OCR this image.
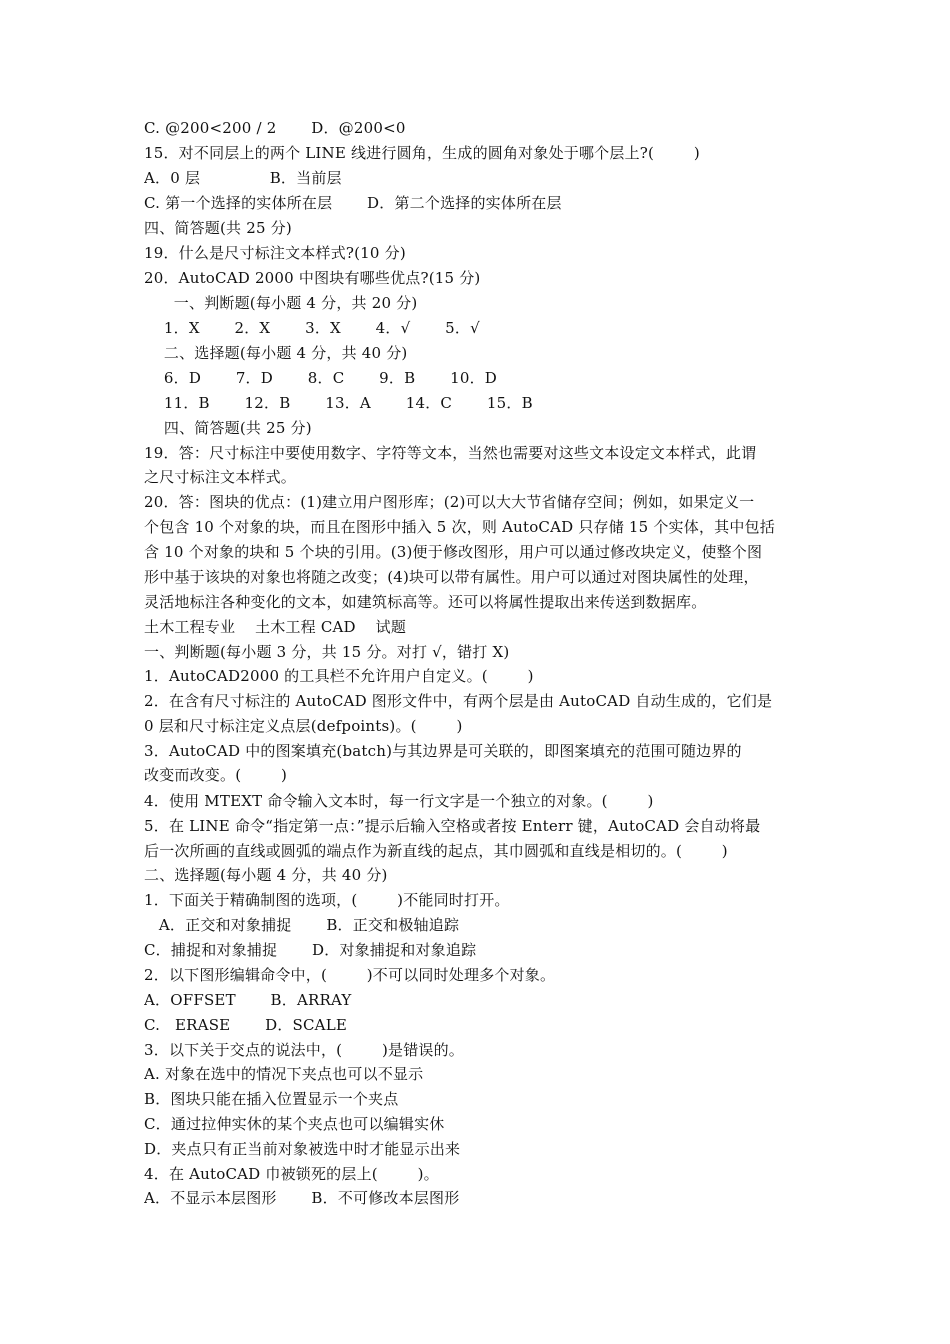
C. @200<200 / 2       D．@200<0
15．对不同层上的两个 LINE 线进行圆角，生成的圆角对象处于哪个层上?(        )
A．0 层              B．当前层
C. 第一个选择的实体所在层       D．第二个选择的实体所在层
四、简答题(共 25 分)
19．什么是尺寸标注文本样式?(10 分)
20．AutoCAD 2000 中图块有哪些优点?(15 分)
一、判断题(每小题 4 分，共 20 分)
1．X       2．X       3．X       4．√       5．√
二、选择题(每小题 4 分，共 40 分)
6．D       7．D       8．C       9．B       10．D
11．B       12．B       13．A       14．C       15．B
四、简答题(共 25 分)
19．答：尺寸标注中要使用数字、字符等文本，当然也需要对这些文本设定文本样式，此谓
之尺寸标注文本样式。
20．答：图块的优点：(1)建立用户图形库；(2)可以大大节省储存空间；例如，如果定义一
个包含 10 个对象的块，而且在图形中插入 5 次，则 AutoCAD 只存储 15 个实体，其中包括
含 10 个对象的块和 5 个块的引用。(3)便于修改图形，用户可以通过修改块定义，使整个图
形中基于该块的对象也将随之改变；(4)块可以带有属性。用户可以通过对图块属性的处理，
灵活地标注各种变化的文本，如建筑标高等。还可以将属性提取出来传送到数据库。
土木工程专业    土木工程 CAD    试题
一、判断题(每小题 3 分，共 15 分。对打 √，错打 X)
1．AutoCAD2000 的工具栏不允许用户自定义。(        )
2．在含有尺寸标注的 AutoCAD 图形文件中，有两个层是由 AutoCAD 自动生成的，它们是
0 层和尺寸标注定义点层(defpoints)。(        )
3．AutoCAD 中的图案填充(batch)与其边界是可关联的，即图案填充的范围可随边界的
改变而改变。(        )
4．使用 MTEXT 命令输入文本时，每一行文字是一个独立的对象。(        )
5．在 LINE 命令“指定第一点：”提示后输入空格或者按 Enterr 键，AutoCAD 会自动将最
后一次所画的直线或圆弧的端点作为新直线的起点，其巾圆弧和直线是相切的。(        )
二、选择题(每小题 4 分，共 40 分)
1．下面关于精确制图的选项，(        )不能同时打开。
A．正交和对象捕捉       B．正交和极轴追踪
C．捕捉和对象捕捉       D．对象捕捉和对象追踪
2．以下图形编辑命令中，(        )不可以同时处理多个对象。
A．OFFSET       B．ARRAY
C.   ERASE       D．SCALE
3．以下关于交点的说法中，(        )是错误的。
A. 对象在选中的情况下夹点也可以不显示
B．图块只能在插入位置显示一个夹点
C．通过拉伸实休的某个夹点也可以编辑实休
D．夹点只有正当前对象被选中时才能显示出来
4．在 AutoCAD 巾被锁死的层上(        )。
A．不显示本层图形       B．不可修改本层图形
